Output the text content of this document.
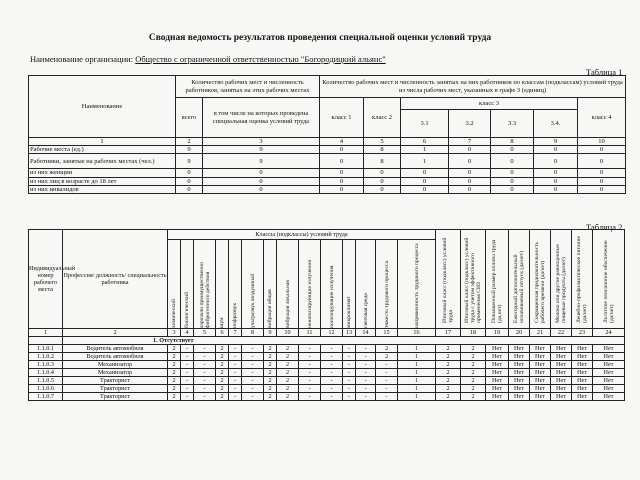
Сводная ведомость результатов проведения специальной оценки условий труда
Наименование организации: Общество с ограниченной ответственностью "Богородицкий альянс"
Таблица 1
Наименование	Количество рабочих мест и численность работников, занятых на этих рабочих местах		Количество рабочих мест и численность занятых на них работников по классам (подклассам) условий труда из числа рабочих мест, указанных в графе 3 (единиц)						
	всего	в том числе на которых проведена специальная оценка условий труда	класс 1	класс 2	класс 3				класс 4
					3.1	3.2	3.3	3.4.	
1	2	3	4	5	6	7	8	9	10
Рабочие места (ед.)	9	9	0	8	1	0	0	0	0
Работники, занятые на рабочих местах (чел.)	9	9	0	8	1	0	0	0	0
из них женщин	0	0	0	0	0	0	0	0	0
из них лиц в возрасте до 18 лет	0	0	0	0	0	0	0	0	0
из них инвалидов	0	0	0	0	0	0	0	0	0
Таблица 2
Индивидуальный номер рабочего места	Профессия/ должность/ специальность работника	Классы (подклассы) условий труда														Итоговый класс (подкласс) условий труда	Итоговый класс (подкласс) условий труда с учетом эффективного применения СИЗ	Повышенный размер оплаты труда (да,нет)	Ежегодный дополнительный оплачиваемый отпуск (да/нет)	Сокращенная продолжительность рабочего времени (да/нет)	Молоко или другие равноценные пищевые продукты (да/нет)	Лечебно-профилактическое питание (да/нет)	Льготное пенсионное обеспечение (да/нет)

		химический	биологический	аэрозоли преимущественно фиброгенного действия	шум	инфразвук	ультразвук воздушный	вибрация общая	вибрация локальная	неионизирующие излучения	ионизирующие излучения	микроклимат	световая среда	тяжесть трудового процесса	напряженность трудового процесса								

1	2	3	4	5	6	7	8	9	10	11	12	13	14	15	16	17	18	19	20	21	22	23	24
	1. Отсутствует																						
1.1.0.1	Водитель автомобиля	2	-	-	2	-	-	2	2	-	-	-	-	2	1	2	2	Нет	Нет	Нет	Нет	Нет	Нет
1.1.0.2	Водитель автомобиля	2	-	-	2	-	-	2	2	-	-	-	-	2	1	2	2	Нет	Нет	Нет	Нет	Нет	Нет
1.1.0.3	Механизатор	2	-	-	2	-	-	2	2	-	-	-	-	-	1	2	2	Нет	Нет	Нет	Нет	Нет	Нет
1.1.0.4	Механизатор	2	-	-	2	-	-	2	2	-	-	-	-	-	1	2	2	Нет	Нет	Нет	Нет	Нет	Нет
1.1.0.5	Тракторист	2	-	-	2	-	-	2	2	-	-	-	-	-	1	2	2	Нет	Нет	Нет	Нет	Нет	Нет
1.1.0.6	Тракторист	2	-	-	2	-	-	2	2	-	-	-	-	-	1	2	2	Нет	Нет	Нет	Нет	Нет	Нет
1.1.0.7	Тракторист	2	-	-	2	-	-	2	2	-	-	-	-	-	1	2	2	Нет	Нет	Нет	Нет	Нет	Нет
